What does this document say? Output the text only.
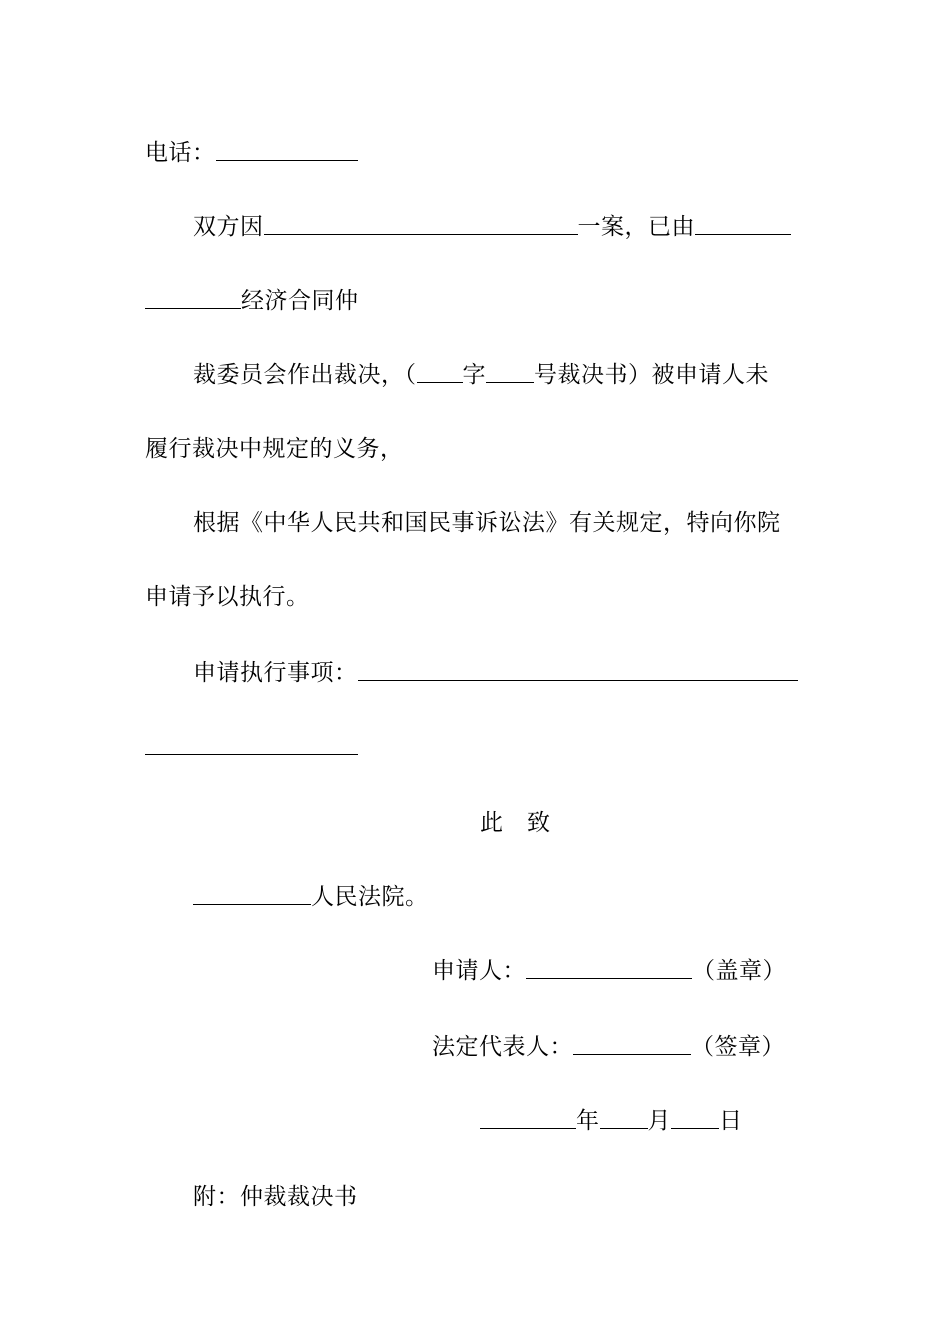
电话：
双方因	一案，已由
经济合同仲
裁委员会作出裁决，（ 字 号裁决书）被申请人未
履行裁决中规定的义务，
根据《中华人民共和国民事诉讼法》有关规定，特向你院
申请予以执行。
申请执行事项：
此　致
人民法院。
申请人：	（盖章）
法定代表人：	（签章）
年 月 日
附：仲裁裁决书
